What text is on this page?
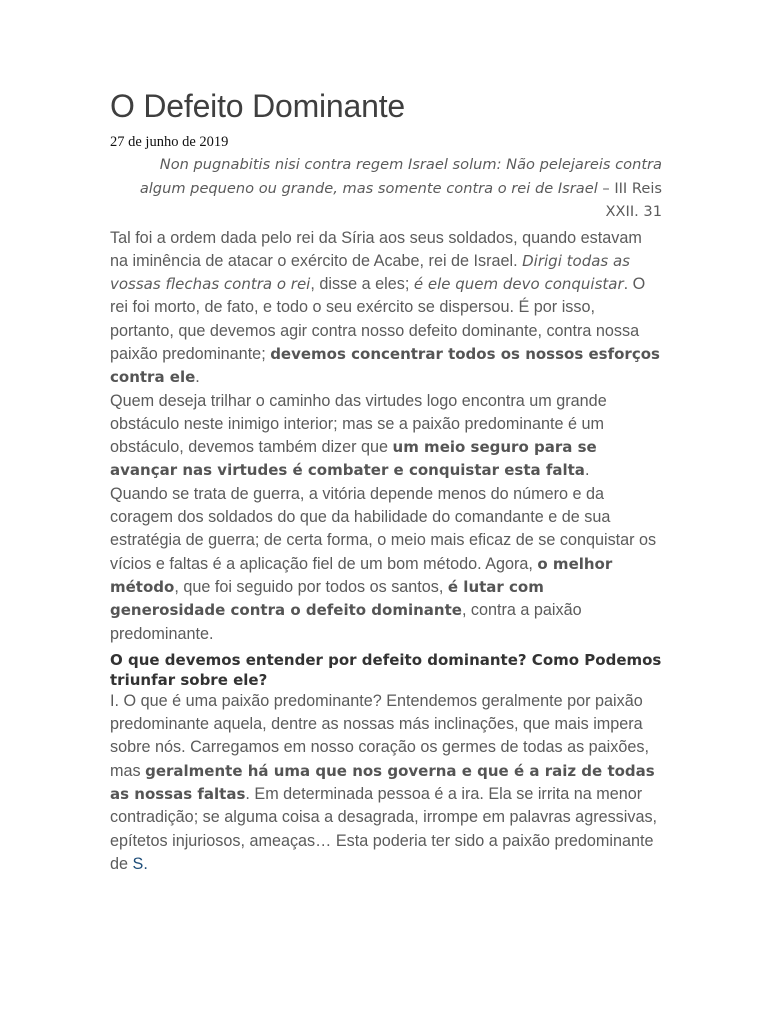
O Defeito Dominante
27 de junho de 2019
Non pugnabitis nisi contra regem Israel solum: Não pelejareis contra algum pequeno ou grande, mas somente contra o rei de Israel – III Reis XXII. 31

Tal foi a ordem dada pelo rei da Síria aos seus soldados, quando estavam na iminência de atacar o exército de Acabe, rei de Israel. Dirigi todas as vossas flechas contra o rei, disse a eles; é ele quem devo conquistar. O rei foi morto, de fato, e todo o seu exército se dispersou. É por isso, portanto, que devemos agir contra nosso defeito dominante, contra nossa paixão predominante; devemos concentrar todos os nossos esforços contra ele.

Quem deseja trilhar o caminho das virtudes logo encontra um grande obstáculo neste inimigo interior; mas se a paixão predominante é um obstáculo, devemos também dizer que um meio seguro para se avançar nas virtudes é combater e conquistar esta falta.

Quando se trata de guerra, a vitória depende menos do número e da coragem dos soldados do que da habilidade do comandante e de sua estratégia de guerra; de certa forma, o meio mais eficaz de se conquistar os vícios e faltas é a aplicação fiel de um bom método. Agora, o melhor método, que foi seguido por todos os santos, é lutar com generosidade contra o defeito dominante, contra a paixão predominante.

O que devemos entender por defeito dominante? Como Podemos triunfar sobre ele?

I. O que é uma paixão predominante? Entendemos geralmente por paixão predominante aquela, dentre as nossas más inclinações, que mais impera sobre nós. Carregamos em nosso coração os germes de todas as paixões, mas geralmente há uma que nos governa e que é a raiz de todas as nossas faltas. Em determinada pessoa é a ira. Ela se irrita na menor contradição; se alguma coisa a desagrada, irrompe em palavras agressivas, epítetos injuriosos, ameaças… Esta poderia ter sido a paixão predominante de S.
